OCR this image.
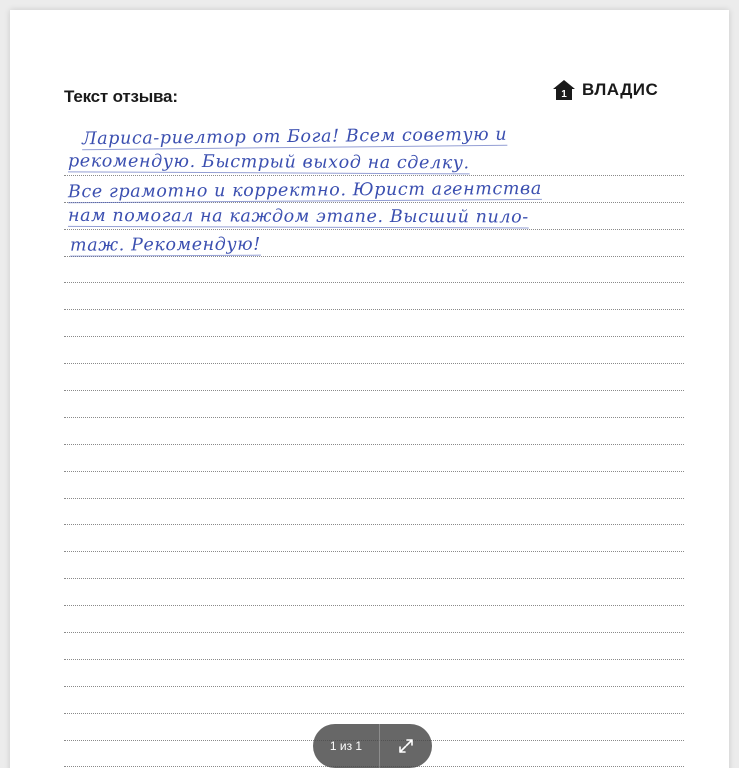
Текст отзыва:	1 ВЛАДИС
Лариса-риелтор от Бога! Всем советую и
рекомендую. Быстрый выход на сделку.
Все грамотно и корректно. Юрист агентства
нам помогал на каждом этапе. Высший пило-
таж. Рекомендую!
1 из 1
